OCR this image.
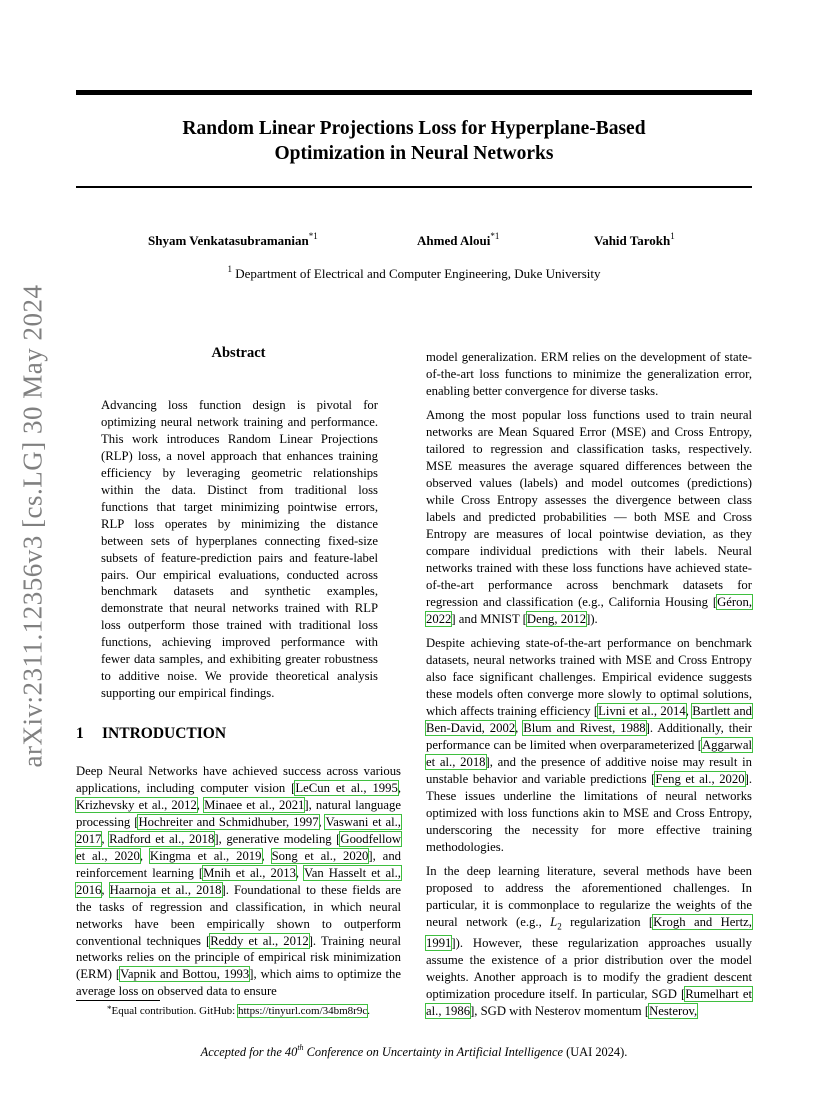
Random Linear Projections Loss for Hyperplane-Based
Optimization in Neural Networks
arXiv:2311.12356v3 [cs.LG] 30 May 2024
Shyam Venkatasubramanian$^{*1}$	Ahmed Aloui$^{*1}$	Vahid Tarokh$^1$
$^1$ Department of Electrical and Computer Engineering, Duke University
Abstract
Advancing loss function design is pivotal for optimizing neural network training and performance. This work introduces Random Linear Projections (RLP) loss, a novel approach that enhances training efficiency by leveraging geometric relationships within the data. Distinct from traditional loss functions that target minimizing pointwise errors, RLP loss operates by minimizing the distance between sets of hyperplanes connecting fixed-size subsets of feature-prediction pairs and feature-label pairs. Our empirical evaluations, conducted across benchmark datasets and synthetic examples, demonstrate that neural networks trained with RLP loss outperform those trained with traditional loss functions, achieving improved performance with fewer data samples, and exhibiting greater robustness to additive noise. We provide theoretical analysis supporting our empirical findings.
1 INTRODUCTION

Deep Neural Networks have achieved success across various applications, including computer vision [LeCun et al., 1995, Krizhevsky et al., 2012, Minaee et al., 2021], natural language processing [Hochreiter and Schmidhuber, 1997, Vaswani et al., 2017, Radford et al., 2018], generative modeling [Goodfellow et al., 2020, Kingma et al., 2019, Song et al., 2020], and reinforcement learning [Mnih et al., 2013, Van Hasselt et al., 2016, Haarnoja et al., 2018]. Foundational to these fields are the tasks of regression and classification, in which neural networks have been empirically shown to outperform conventional techniques [Reddy et al., 2012]. Training neural networks relies on the principle of empirical risk minimization (ERM) [Vapnik and Bottou, 1993], which aims to optimize the average loss on observed data to ensure

model generalization. ERM relies on the development of state-of-the-art loss functions to minimize the generalization error, enabling better convergence for diverse tasks.

Among the most popular loss functions used to train neural networks are Mean Squared Error (MSE) and Cross Entropy, tailored to regression and classification tasks, respectively. MSE measures the average squared differences between the observed values (labels) and model outcomes (predictions) while Cross Entropy assesses the divergence between class labels and predicted probabilities — both MSE and Cross Entropy are measures of local pointwise deviation, as they compare individual predictions with their labels. Neural networks trained with these loss functions have achieved state-of-the-art performance across benchmark datasets for regression and classification (e.g., California Housing [Géron, 2022] and MNIST [Deng, 2012]).

Despite achieving state-of-the-art performance on benchmark datasets, neural networks trained with MSE and Cross Entropy also face significant challenges. Empirical evidence suggests these models often converge more slowly to optimal solutions, which affects training efficiency [Livni et al., 2014, Bartlett and Ben-David, 2002, Blum and Rivest, 1988]. Additionally, their performance can be limited when overparameterized [Aggarwal et al., 2018], and the presence of additive noise may result in unstable behavior and variable predictions [Feng et al., 2020]. These issues underline the limitations of neural networks optimized with loss functions akin to MSE and Cross Entropy, underscoring the necessity for more effective training methodologies.

In the deep learning literature, several methods have been proposed to address the aforementioned challenges. In particular, it is commonplace to regularize the weights of the neural network (e.g., $L_2$ regularization [Krogh and Hertz, 1991]). However, these regularization approaches usually assume the existence of a prior distribution over the model weights. Another approach is to modify the gradient descent optimization procedure itself. In particular, SGD [Rumelhart et al., 1986], SGD with Nesterov momentum [Nesterov,

*Equal contribution. GitHub: https://tinyurl.com/34bm8r9c.
Accepted for the 40th Conference on Uncertainty in Artificial Intelligence (UAI 2024).
